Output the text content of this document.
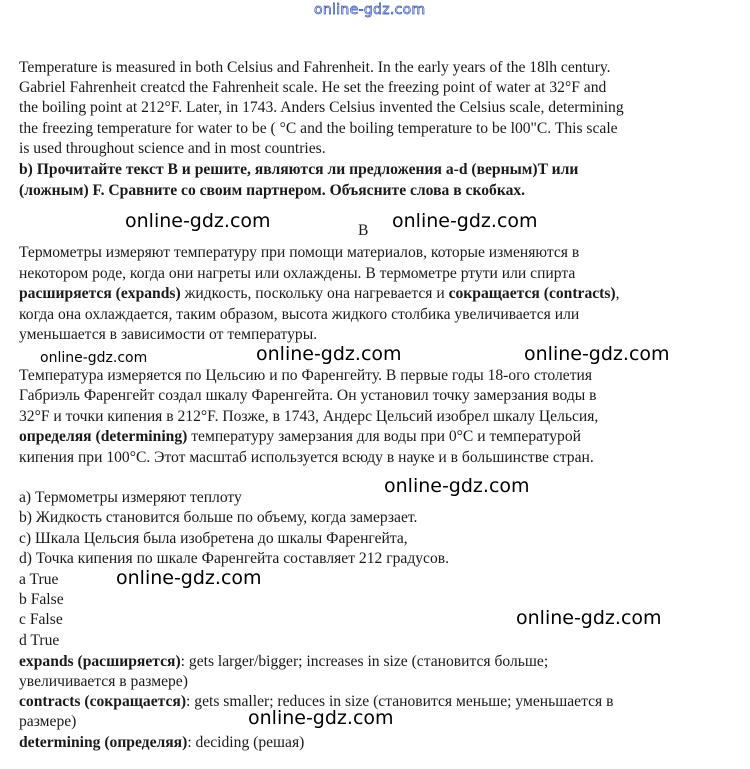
online-gdz.com

Temperature is measured in both Celsius and Fahrenheit. In the early years of the 18lh century.

Gabriel Fahrenheit creatcd the Fahrenheit scale. He set the freezing point of water at 32°F and

the boiling point at 212°F. Later, in 1743. Anders Celsius invented the Celsius scale, determining

the freezing temperature for water to be ( °C and the boiling temperature to be l00"C. This scale

is used throughout science and in most countries.

b) Прочитайте текст B и решите, являются ли предложения a-d (верным)T или

(ложным) F. Сравните со своим партнером. Объясните слова в скобках.

online-gdz.com	B online-gdz.com

Термометры измеряют температуру при помощи материалов, которые изменяются в

некотором роде, когда они нагреты или охлаждены. В термометре ртути или спирта

расширяется (expands) жидкость, поскольку она нагревается и сокращается (contracts),

когда она охлаждается, таким образом, высота жидкого столбика увеличивается или

уменьшается в зависимости от температуры.

online-gdz.com	online-gdz.com	online-gdz.com

Температура измеряется по Цельсию и по Фаренгейту. В первые годы 18-ого столетия

Габриэль Фаренгейт создал шкалу Фаренгейта. Он установил точку замерзания воды в

32°F и точки кипения в 212°F. Позже, в 1743, Андерс Цельсий изобрел шкалу Цельсия,

определяя (determining) температуру замерзания для воды при 0°C и температурой

кипения при 100°C. Этот масштаб используется всюду в науке и в большинстве стран.

online-gdz.com

a) Термометры измеряют теплоту

b) Жидкость становится больше по объему, когда замерзает.

c) Шкала Цельсия была изобретена до шкалы Фаренгейта,

d) Точка кипения по шкале Фаренгейта составляет 212 градусов.

a True	online-gdz.com

b False

c False	online-gdz.com

d True

expands (расширяется): gets larger/bigger; increases in size (становится больше;

увеличивается в размере)

contracts (сокращается): gets smaller; reduces in size (становится меньше; уменьшается в

размере)	online-gdz.com

determining (определяя): deciding (решая)
